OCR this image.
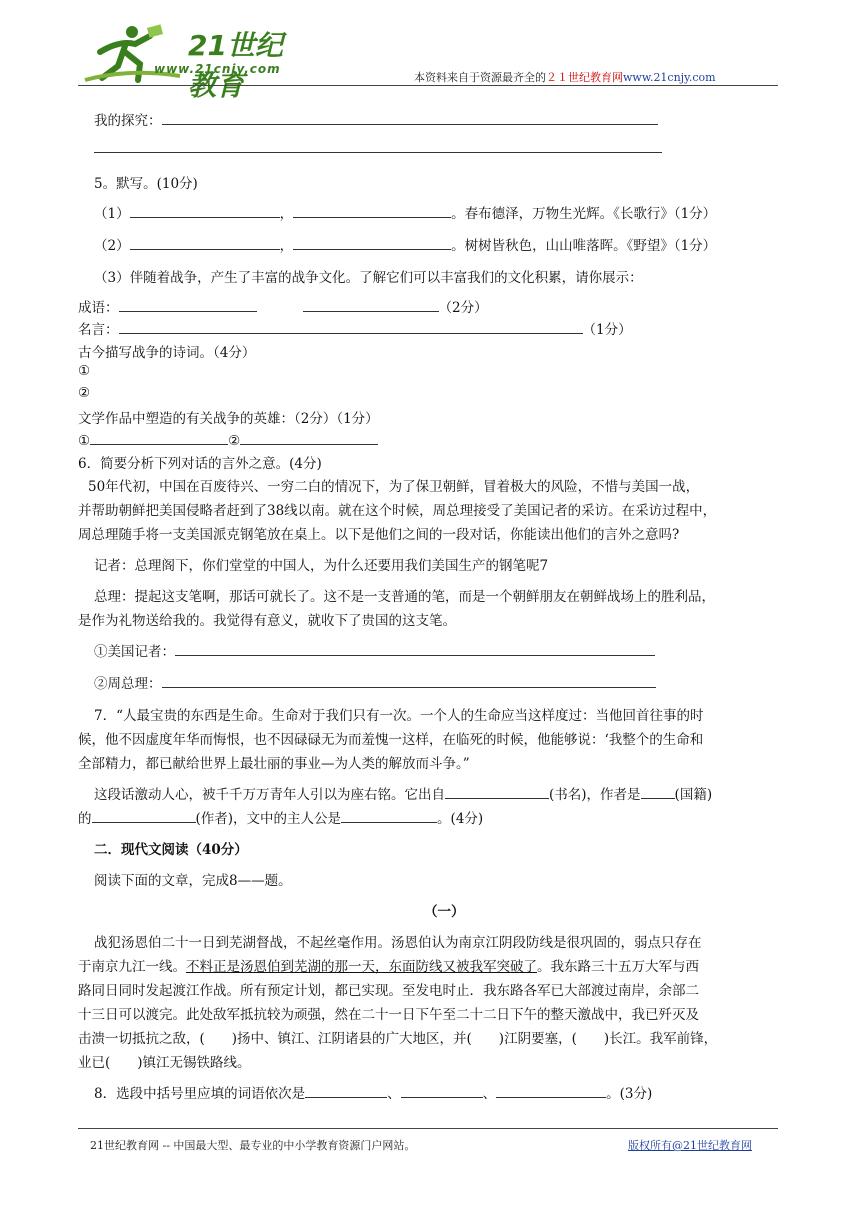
21世纪教育
www.21cnjy.com
本资料来自于资源最齐全的２１世纪教育网www.21cnjy.com
我的探究：
5。默写。(10分)
（1）	，	。春布德泽，万物生光辉。《长歌行》（1分）
（2）	，	。树树皆秋色，山山唯落晖。《野望》（1分）
（3）伴随着战争，产生了丰富的战争文化。了解它们可以丰富我们的文化积累，请你展示：
成语：	（2分）
名言：	（1分）
古今描写战争的诗词。（4分）
①
②
文学作品中塑造的有关战争的英雄：（2分）（1分）
①	②
6．简要分析下列对话的言外之意。(4分)
50年代初，中国在百废待兴、一穷二白的情况下，为了保卫朝鲜，冒着极大的风险，不惜与美国一战，
并帮助朝鲜把美国侵略者赶到了38线以南。就在这个时候，周总理接受了美国记者的采访。在采访过程中，
周总理随手将一支美国派克钢笔放在桌上。以下是他们之间的一段对话，你能读出他们的言外之意吗?
记者：总理阁下，你们堂堂的中国人，为什么还要用我们美国生产的钢笔呢7
总理：提起这支笔啊，那话可就长了。这不是一支普通的笔，而是一个朝鲜朋友在朝鲜战场上的胜利品，
是作为礼物送给我的。我觉得有意义，就收下了贵国的这支笔。
①美国记者：
②周总理：
7．“人最宝贵的东西是生命。生命对于我们只有一次。一个人的生命应当这样度过：当他回首往事的时
候，他不因虚度年华而悔恨，也不因碌碌无为而羞愧一这样，在临死的时候，他能够说：‘我整个的生命和
全部精力，都已献给世界上最壮丽的事业—为人类的解放而斗争。”
这段话激动人心，被千千万万青年人引以为座右铭。它出自	(书名)，作者是	(国籍)
的	(作者)，文中的主人公是	。(4分)
二．现代文阅读（40分）
阅读下面的文章，完成8——题。
（一）
战犯汤恩伯二十一日到芜湖督战，不起丝毫作用。汤恩伯认为南京江阴段防线是很巩固的，弱点只存在
于南京九江一线。不料正是汤恩伯到芜湖的那一天，东面防线又被我军突破了。我东路三十五万大军与西
路同日同时发起渡江作战。所有预定计划，都已实现。至发电时止．我东路各军已大部渡过南岸，余部二
十三日可以渡完。此处敌军抵抗较为顽强，然在二十一日下午至二十二日下午的整天激战中，我已歼灭及
击溃一切抵抗之敌，(　　)扬中、镇江、江阴诸县的广大地区，并(　　)江阴要塞，(　　)长江。我军前锋，
业已(　　)镇江无锡铁路线。
8．选段中括号里应填的词语依次是	、	、	。(3分)
21世纪教育网 -- 中国最大型、最专业的中小学教育资源门户网站。	版权所有@21世纪教育网
